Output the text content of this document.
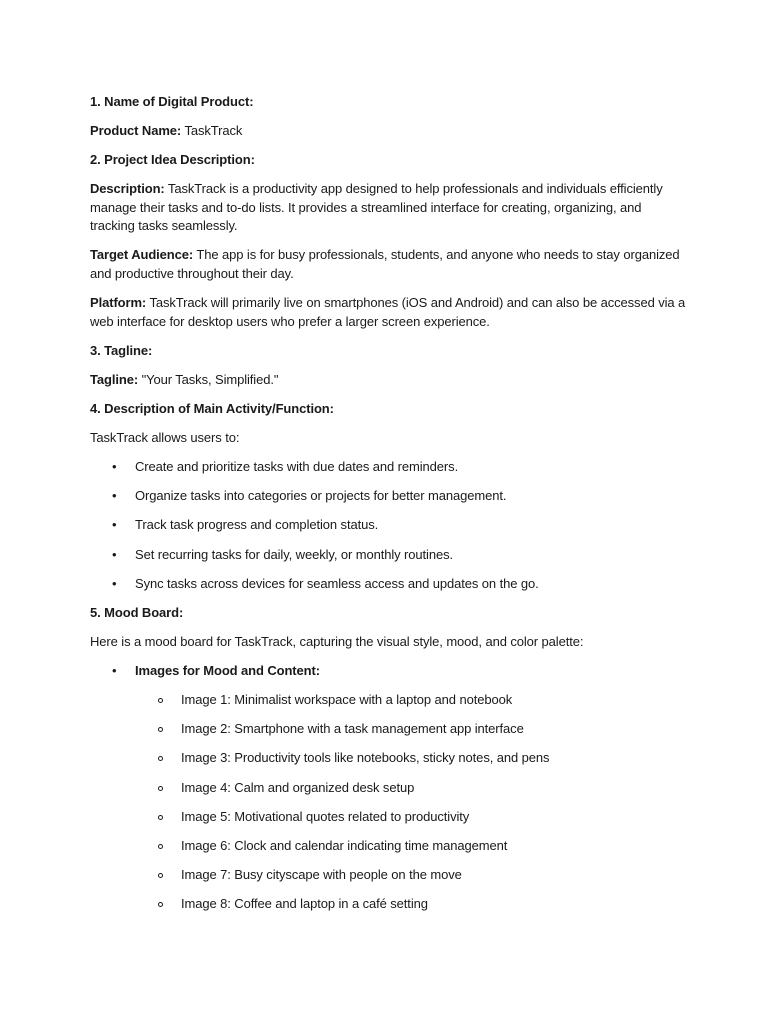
1. Name of Digital Product:
Product Name: TaskTrack
2. Project Idea Description:
Description: TaskTrack is a productivity app designed to help professionals and individuals efficiently
manage their tasks and to-do lists. It provides a streamlined interface for creating, organizing, and
tracking tasks seamlessly.
Target Audience: The app is for busy professionals, students, and anyone who needs to stay organized
and productive throughout their day.
Platform: TaskTrack will primarily live on smartphones (iOS and Android) and can also be accessed via a
web interface for desktop users who prefer a larger screen experience.
3. Tagline:
Tagline: "Your Tasks, Simplified."
4. Description of Main Activity/Function:
TaskTrack allows users to:
• Create and prioritize tasks with due dates and reminders.
• Organize tasks into categories or projects for better management.
• Track task progress and completion status.
• Set recurring tasks for daily, weekly, or monthly routines.
• Sync tasks across devices for seamless access and updates on the go.
5. Mood Board:
Here is a mood board for TaskTrack, capturing the visual style, mood, and color palette:
• Images for Mood and Content:
Image 1: Minimalist workspace with a laptop and notebook
Image 2: Smartphone with a task management app interface
Image 3: Productivity tools like notebooks, sticky notes, and pens
Image 4: Calm and organized desk setup
Image 5: Motivational quotes related to productivity
Image 6: Clock and calendar indicating time management
Image 7: Busy cityscape with people on the move
Image 8: Coffee and laptop in a café setting
